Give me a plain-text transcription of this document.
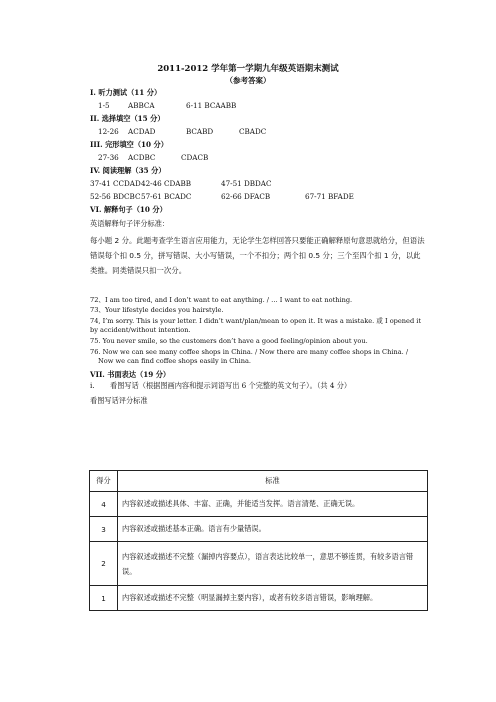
2011-2012 学年第一学期九年级英语期末测试
（参考答案）
I. 听力测试（11 分）
1-5	ABBCA	6-11 BCAABB
II. 选择填空（15 分）
12-26 ACDAD	BCABD	CBADC
III. 完形填空（10 分）
27-36 ACDBC	CDACB
IV. 阅读理解（35 分）
37-41 CCDAD42-46 CDABB	47-51 DBDAC
52-56 BDCBC57-61 BCADC	62-66 DFACB	67-71 BFADE
VI. 解释句子（10 分）
英语解释句子评分标准：
每小题 2 分。此题考查学生语言应用能力，无论学生怎样回答只要能正确解释原句意思就给分，但语法错误每个扣 0.5 分，拼写错误、大小写错误，一个不扣分；两个扣 0.5 分；三个至四个扣 1 分，以此类推。同类错误只扣一次分。
72、I am too tired, and I don’t want to eat anything. / … I want to eat nothing.
73、Your lifestyle decides you hairstyle.
74, I’m sorry. This is your letter. I didn’t want/plan/mean to open it. It was a mistake. 或 I opened it by accident/without intention.
75. You never smile, so the customers don’t have a good feeling/opinion about you.
76. Now we can see many coffee shops in China. / Now there are many coffee shops in China. /
Now we can find coffee shops easily in China.
VII. 书面表达（19 分）
i. 看图写话（根据图画内容和提示词语写出 6 个完整的英文句子）。（共 4 分）
看图写话评分标准
得分	标准
4	内容叙述或描述具体、丰富、正确，并能适当发挥。语言清楚、正确无误。
3	内容叙述或描述基本正确。语言有少量错误。
2	内容叙述或描述不完整（漏掉内容要点），语言表达比较单一，意思不够连贯，有较多语言错误。
1	内容叙述或描述不完整（明显漏掉主要内容），或者有较多语言错误，影响理解。
